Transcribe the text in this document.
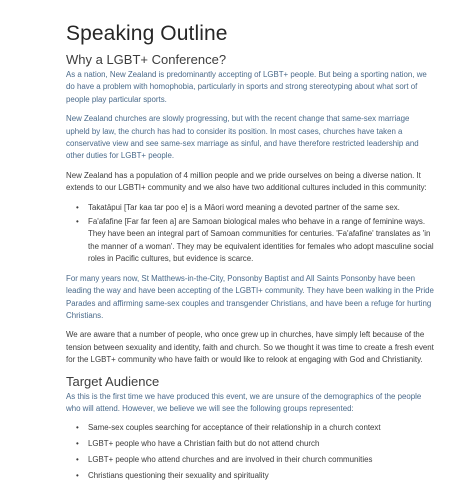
Speaking Outline
Why a LGBT+ Conference?

As a nation, New Zealand is predominantly accepting of LGBT+ people. But being a sporting nation, we do have a problem with homophobia, particularly in sports and strong stereotyping about what sort of people play particular sports.

New Zealand churches are slowly progressing, but with the recent change that same-sex marriage upheld by law, the church has had to consider its position. In most cases, churches have taken a conservative view and see same-sex marriage as sinful, and have therefore restricted leadership and other duties for LGBT+ people.

New Zealand has a population of 4 million people and we pride ourselves on being a diverse nation. It extends to our LGBTI+ community and we also have two additional cultures included in this community:

• Takatāpui [Tar kaa tar poo e] is a Māori word meaning a devoted partner of the same sex.
• Fa'afafine [Far far feen a] are Samoan biological males who behave in a range of feminine ways. They have been an integral part of Samoan communities for centuries. 'Fa'afafine' translates as 'in the manner of a woman'. They may be equivalent identities for females who adopt masculine social roles in Pacific cultures, but evidence is scarce.

For many years now, St Matthews-in-the-City, Ponsonby Baptist and All Saints Ponsonby have been leading the way and have been accepting of the LGBTI+ community. They have been walking in the Pride Parades and affirming same-sex couples and transgender Christians, and have been a refuge for hurting Christians.

We are aware that a number of people, who once grew up in churches, have simply left because of the tension between sexuality and identity, faith and church. So we thought it was time to create a fresh event for the LGBT+ community who have faith or would like to relook at engaging with God and Christianity.

Target Audience

As this is the first time we have produced this event, we are unsure of the demographics of the people who will attend. However, we believe we will see the following groups represented:

• Same-sex couples searching for acceptance of their relationship in a church context
• LGBT+ people who have a Christian faith but do not attend church
• LGBT+ people who attend churches and are involved in their church communities
• Christians questioning their sexuality and spirituality
